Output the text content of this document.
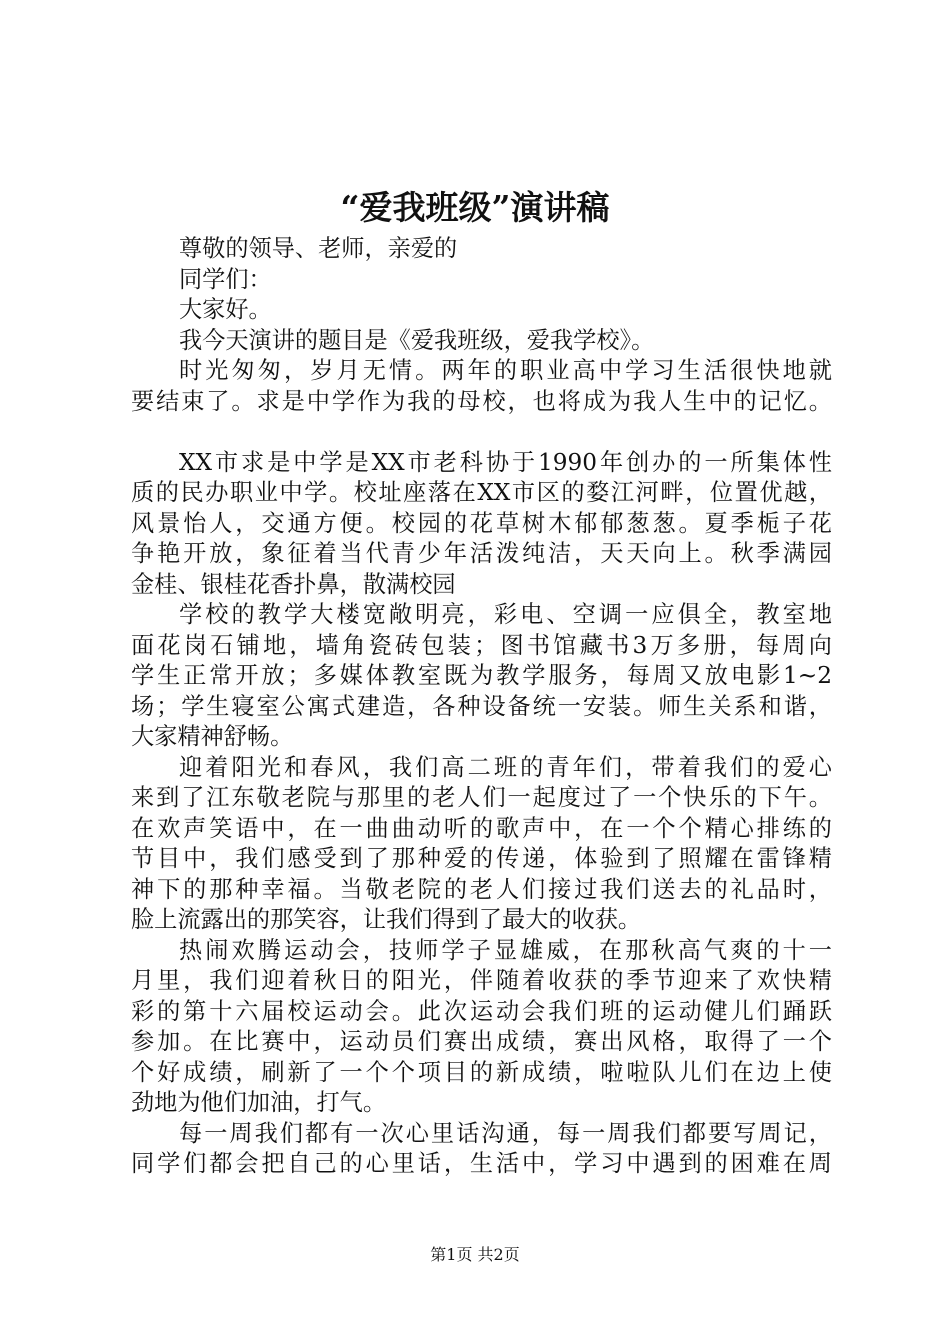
“爱我班级”演讲稿
尊敬的领导、老师，亲爱的
同学们：
大家好。
我今天演讲的题目是《爱我班级，爱我学校》。
时光匆匆，岁月无情。两年的职业高中学习生活很快地就
要结束了。求是中学作为我的母校，也将成为我人生中的记忆。
XX市求是中学是XX市老科协于1990年创办的一所集体性
质的民办职业中学。校址座落在XX市区的婺江河畔，位置优越，
风景怡人，交通方便。校园的花草树木郁郁葱葱。夏季栀子花
争艳开放，象征着当代青少年活泼纯洁，天天向上。秋季满园
金桂、银桂花香扑鼻，散满校园
学校的教学大楼宽敞明亮，彩电、空调一应俱全，教室地
面花岗石铺地，墙角瓷砖包装；图书馆藏书3万多册，每周向
学生正常开放；多媒体教室既为教学服务，每周又放电影1~2
场；学生寝室公寓式建造，各种设备统一安装。师生关系和谐，
大家精神舒畅。
迎着阳光和春风，我们高二班的青年们，带着我们的爱心
来到了江东敬老院与那里的老人们一起度过了一个快乐的下午。
在欢声笑语中，在一曲曲动听的歌声中，在一个个精心排练的
节目中，我们感受到了那种爱的传递，体验到了照耀在雷锋精
神下的那种幸福。当敬老院的老人们接过我们送去的礼品时，
脸上流露出的那笑容，让我们得到了最大的收获。
热闹欢腾运动会，技师学子显雄威，在那秋高气爽的十一
月里，我们迎着秋日的阳光，伴随着收获的季节迎来了欢快精
彩的第十六届校运动会。此次运动会我们班的运动健儿们踊跃
参加。在比赛中，运动员们赛出成绩，赛出风格，取得了一个
个好成绩，刷新了一个个项目的新成绩，啦啦队儿们在边上使
劲地为他们加油，打气。
每一周我们都有一次心里话沟通，每一周我们都要写周记，
同学们都会把自己的心里话，生活中，学习中遇到的困难在周
第1页 共2页
